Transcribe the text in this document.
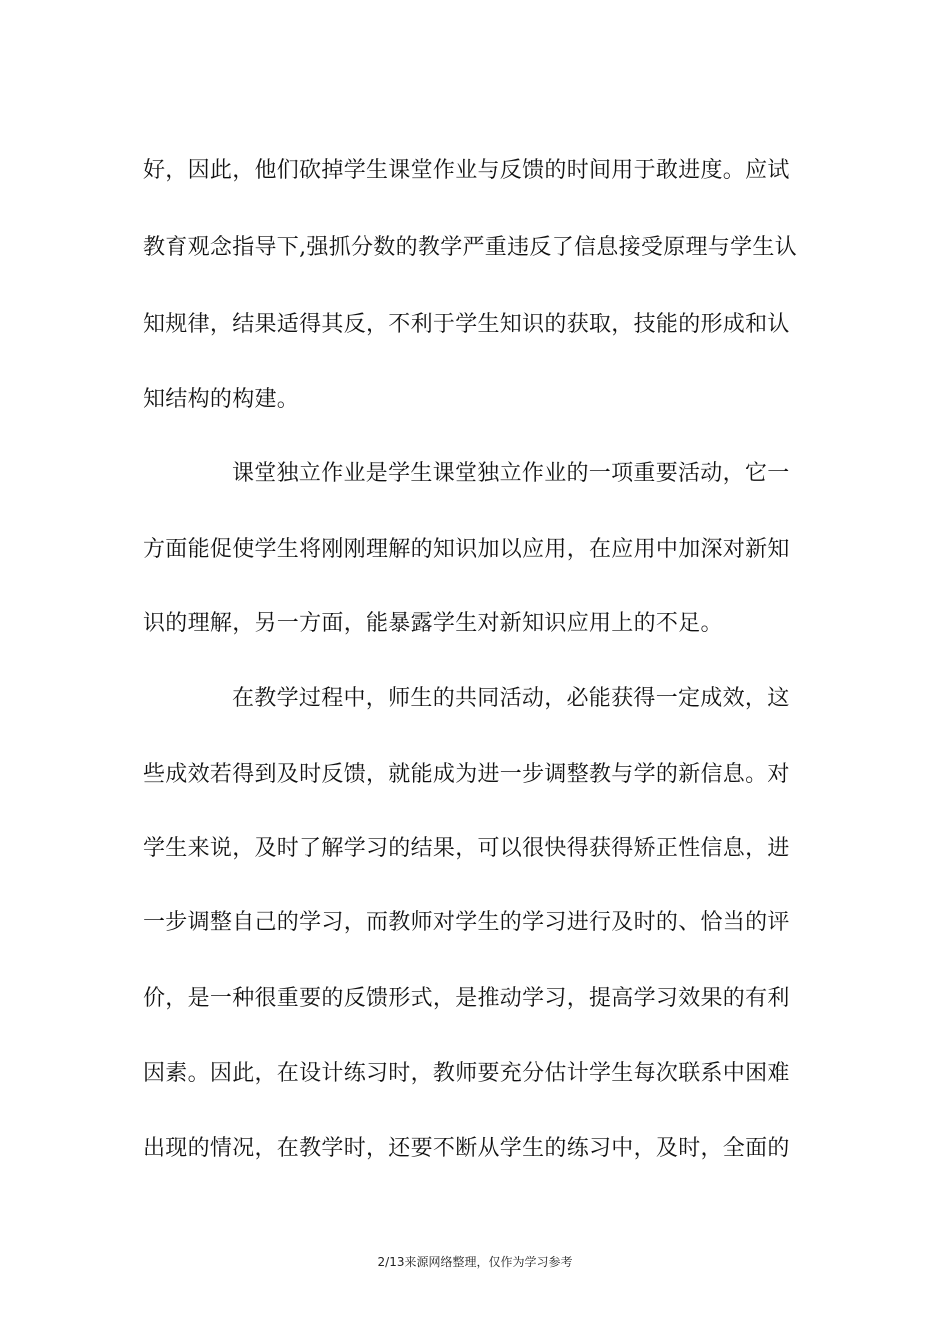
好，因此，他们砍掉学生课堂作业与反馈的时间用于敢进度。应试
教育观念指导下,强抓分数的教学严重违反了信息接受原理与学生认
知规律，结果适得其反，不利于学生知识的获取，技能的形成和认
知结构的构建。
课堂独立作业是学生课堂独立作业的一项重要活动，它一
方面能促使学生将刚刚理解的知识加以应用，在应用中加深对新知
识的理解，另一方面，能暴露学生对新知识应用上的不足。
在教学过程中，师生的共同活动，必能获得一定成效，这
些成效若得到及时反馈，就能成为进一步调整教与学的新信息。对
学生来说，及时了解学习的结果，可以很快得获得矫正性信息，进
一步调整自己的学习，而教师对学生的学习进行及时的、恰当的评
价，是一种很重要的反馈形式，是推动学习，提高学习效果的有利
因素。因此，在设计练习时，教师要充分估计学生每次联系中困难
出现的情况，在教学时，还要不断从学生的练习中，及时，全面的
2/13来源网络整理，仅作为学习参考
